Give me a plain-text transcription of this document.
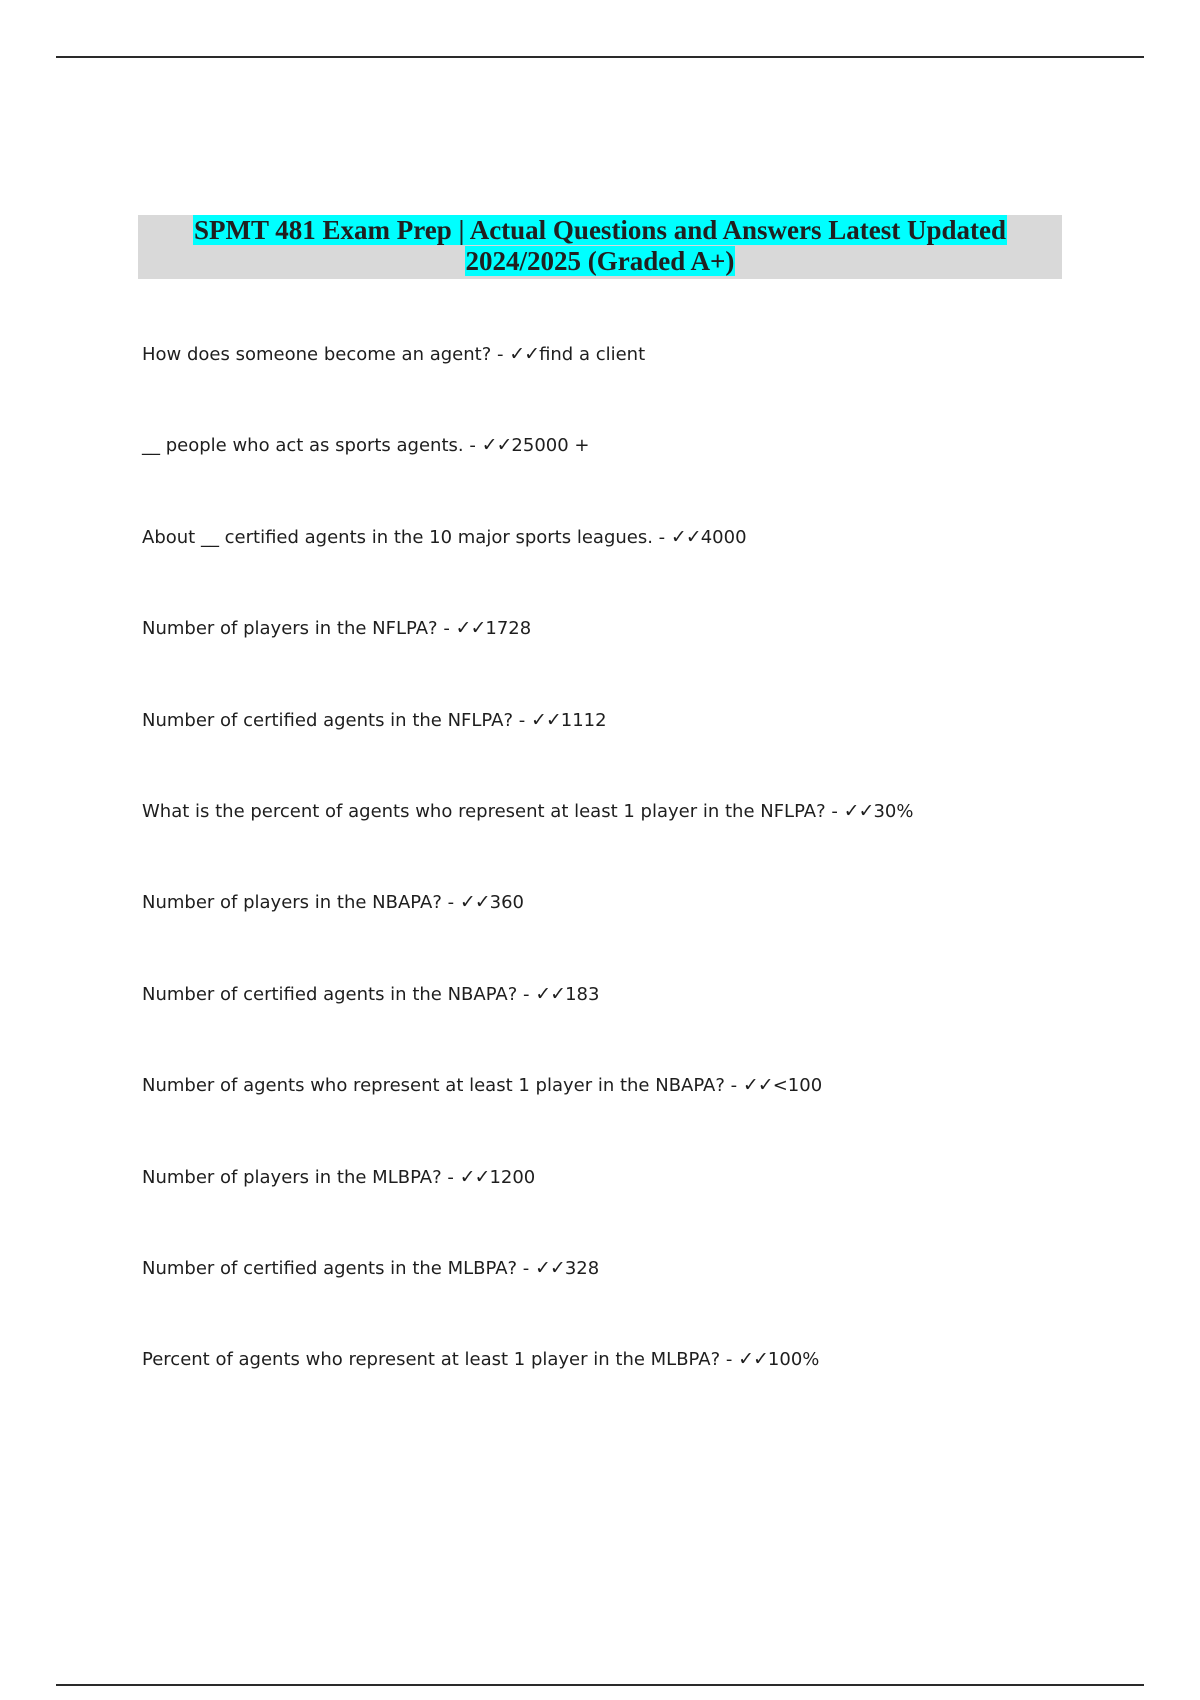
SPMT 481 Exam Prep | Actual Questions and Answers Latest Updated
2024/2025 (Graded A+)
How does someone become an agent? - ✓✓find a client
__ people who act as sports agents. - ✓✓25000 +
About __ certified agents in the 10 major sports leagues. - ✓✓4000
Number of players in the NFLPA? - ✓✓1728
Number of certified agents in the NFLPA? - ✓✓1112
What is the percent of agents who represent at least 1 player in the NFLPA? - ✓✓30%
Number of players in the NBAPA? - ✓✓360
Number of certified agents in the NBAPA? - ✓✓183
Number of agents who represent at least 1 player in the NBAPA? - ✓✓<100
Number of players in the MLBPA? - ✓✓1200
Number of certified agents in the MLBPA? - ✓✓328
Percent of agents who represent at least 1 player in the MLBPA? - ✓✓100%
